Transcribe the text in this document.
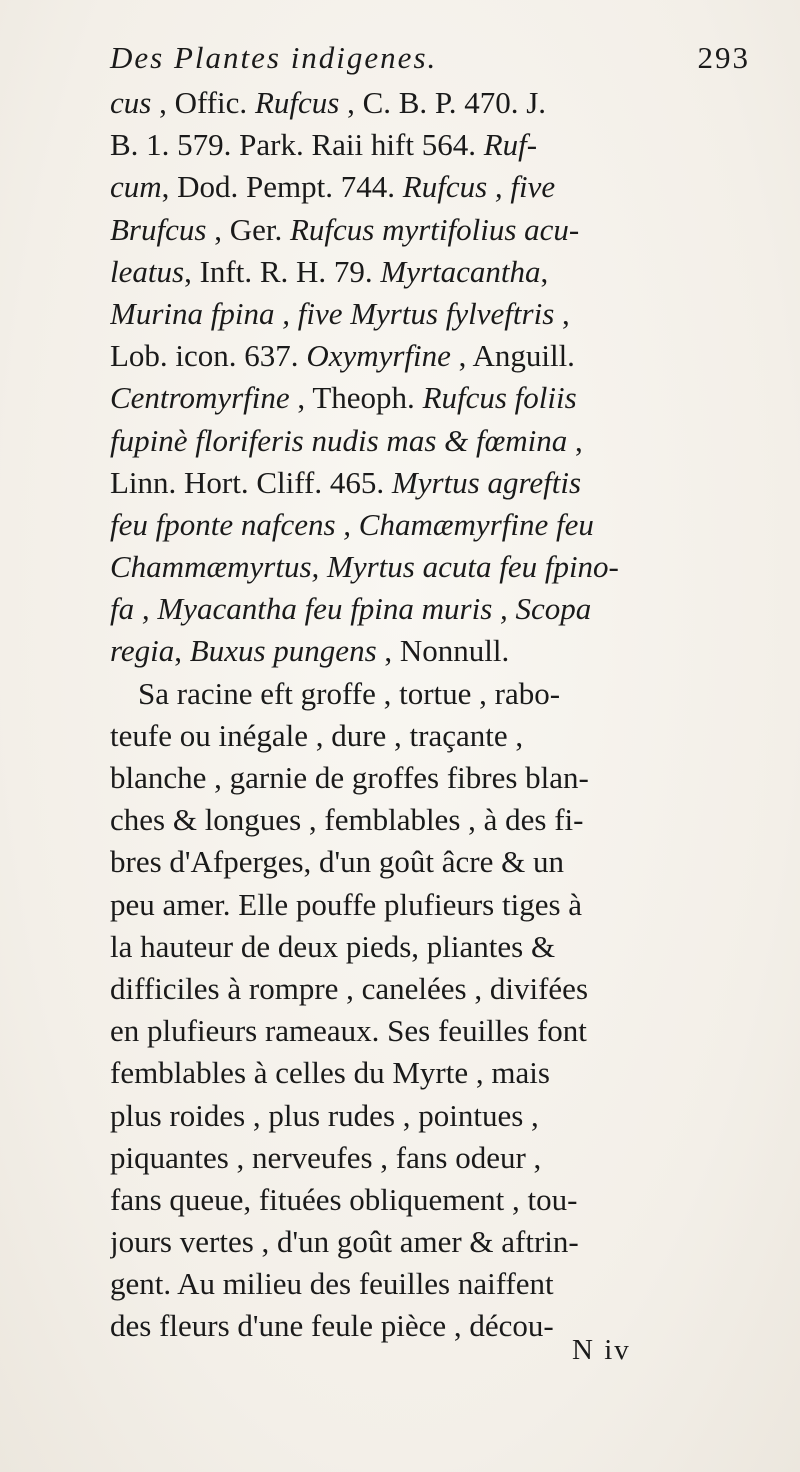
Des Plantes indigenes.	293
cus , Offic. Rufcus , C. B. P. 470. J.
B. 1. 579. Park. Raii hift 564. Ruf-
cum, Dod. Pempt. 744. Rufcus , five
Brufcus , Ger. Rufcus myrtifolius acu-
leatus, Inft. R. H. 79. Myrtacantha,
Murina fpina , five Myrtus fylveftris ,
Lob. icon. 637. Oxymyrfine , Anguill.
Centromyrfine , Theoph. Rufcus foliis
fupinè floriferis nudis mas & fœmina ,
Linn. Hort. Cliff. 465. Myrtus agreftis
feu fponte nafcens , Chamæmyrfine feu
Chammæmyrtus, Myrtus acuta feu fpino-
fa , Myacantha feu fpina muris , Scopa
regia, Buxus pungens , Nonnull.
Sa racine eft groffe , tortue , rabo-
teufe ou inégale , dure , traçante ,
blanche , garnie de groffes fibres blan-
ches & longues , femblables , à des fi-
bres d'Afperges, d'un goût âcre & un
peu amer. Elle pouffe plufieurs tiges à
la hauteur de deux pieds, pliantes &
difficiles à rompre , canelées , divifées
en plufieurs rameaux. Ses feuilles font
femblables à celles du Myrte , mais
plus roides , plus rudes , pointues ,
piquantes , nerveufes , fans odeur ,
fans queue, fituées obliquement , tou-
jours vertes , d'un goût amer & aftrin-
gent. Au milieu des feuilles naiffent
des fleurs d'une feule pièce , décou-
N iv
